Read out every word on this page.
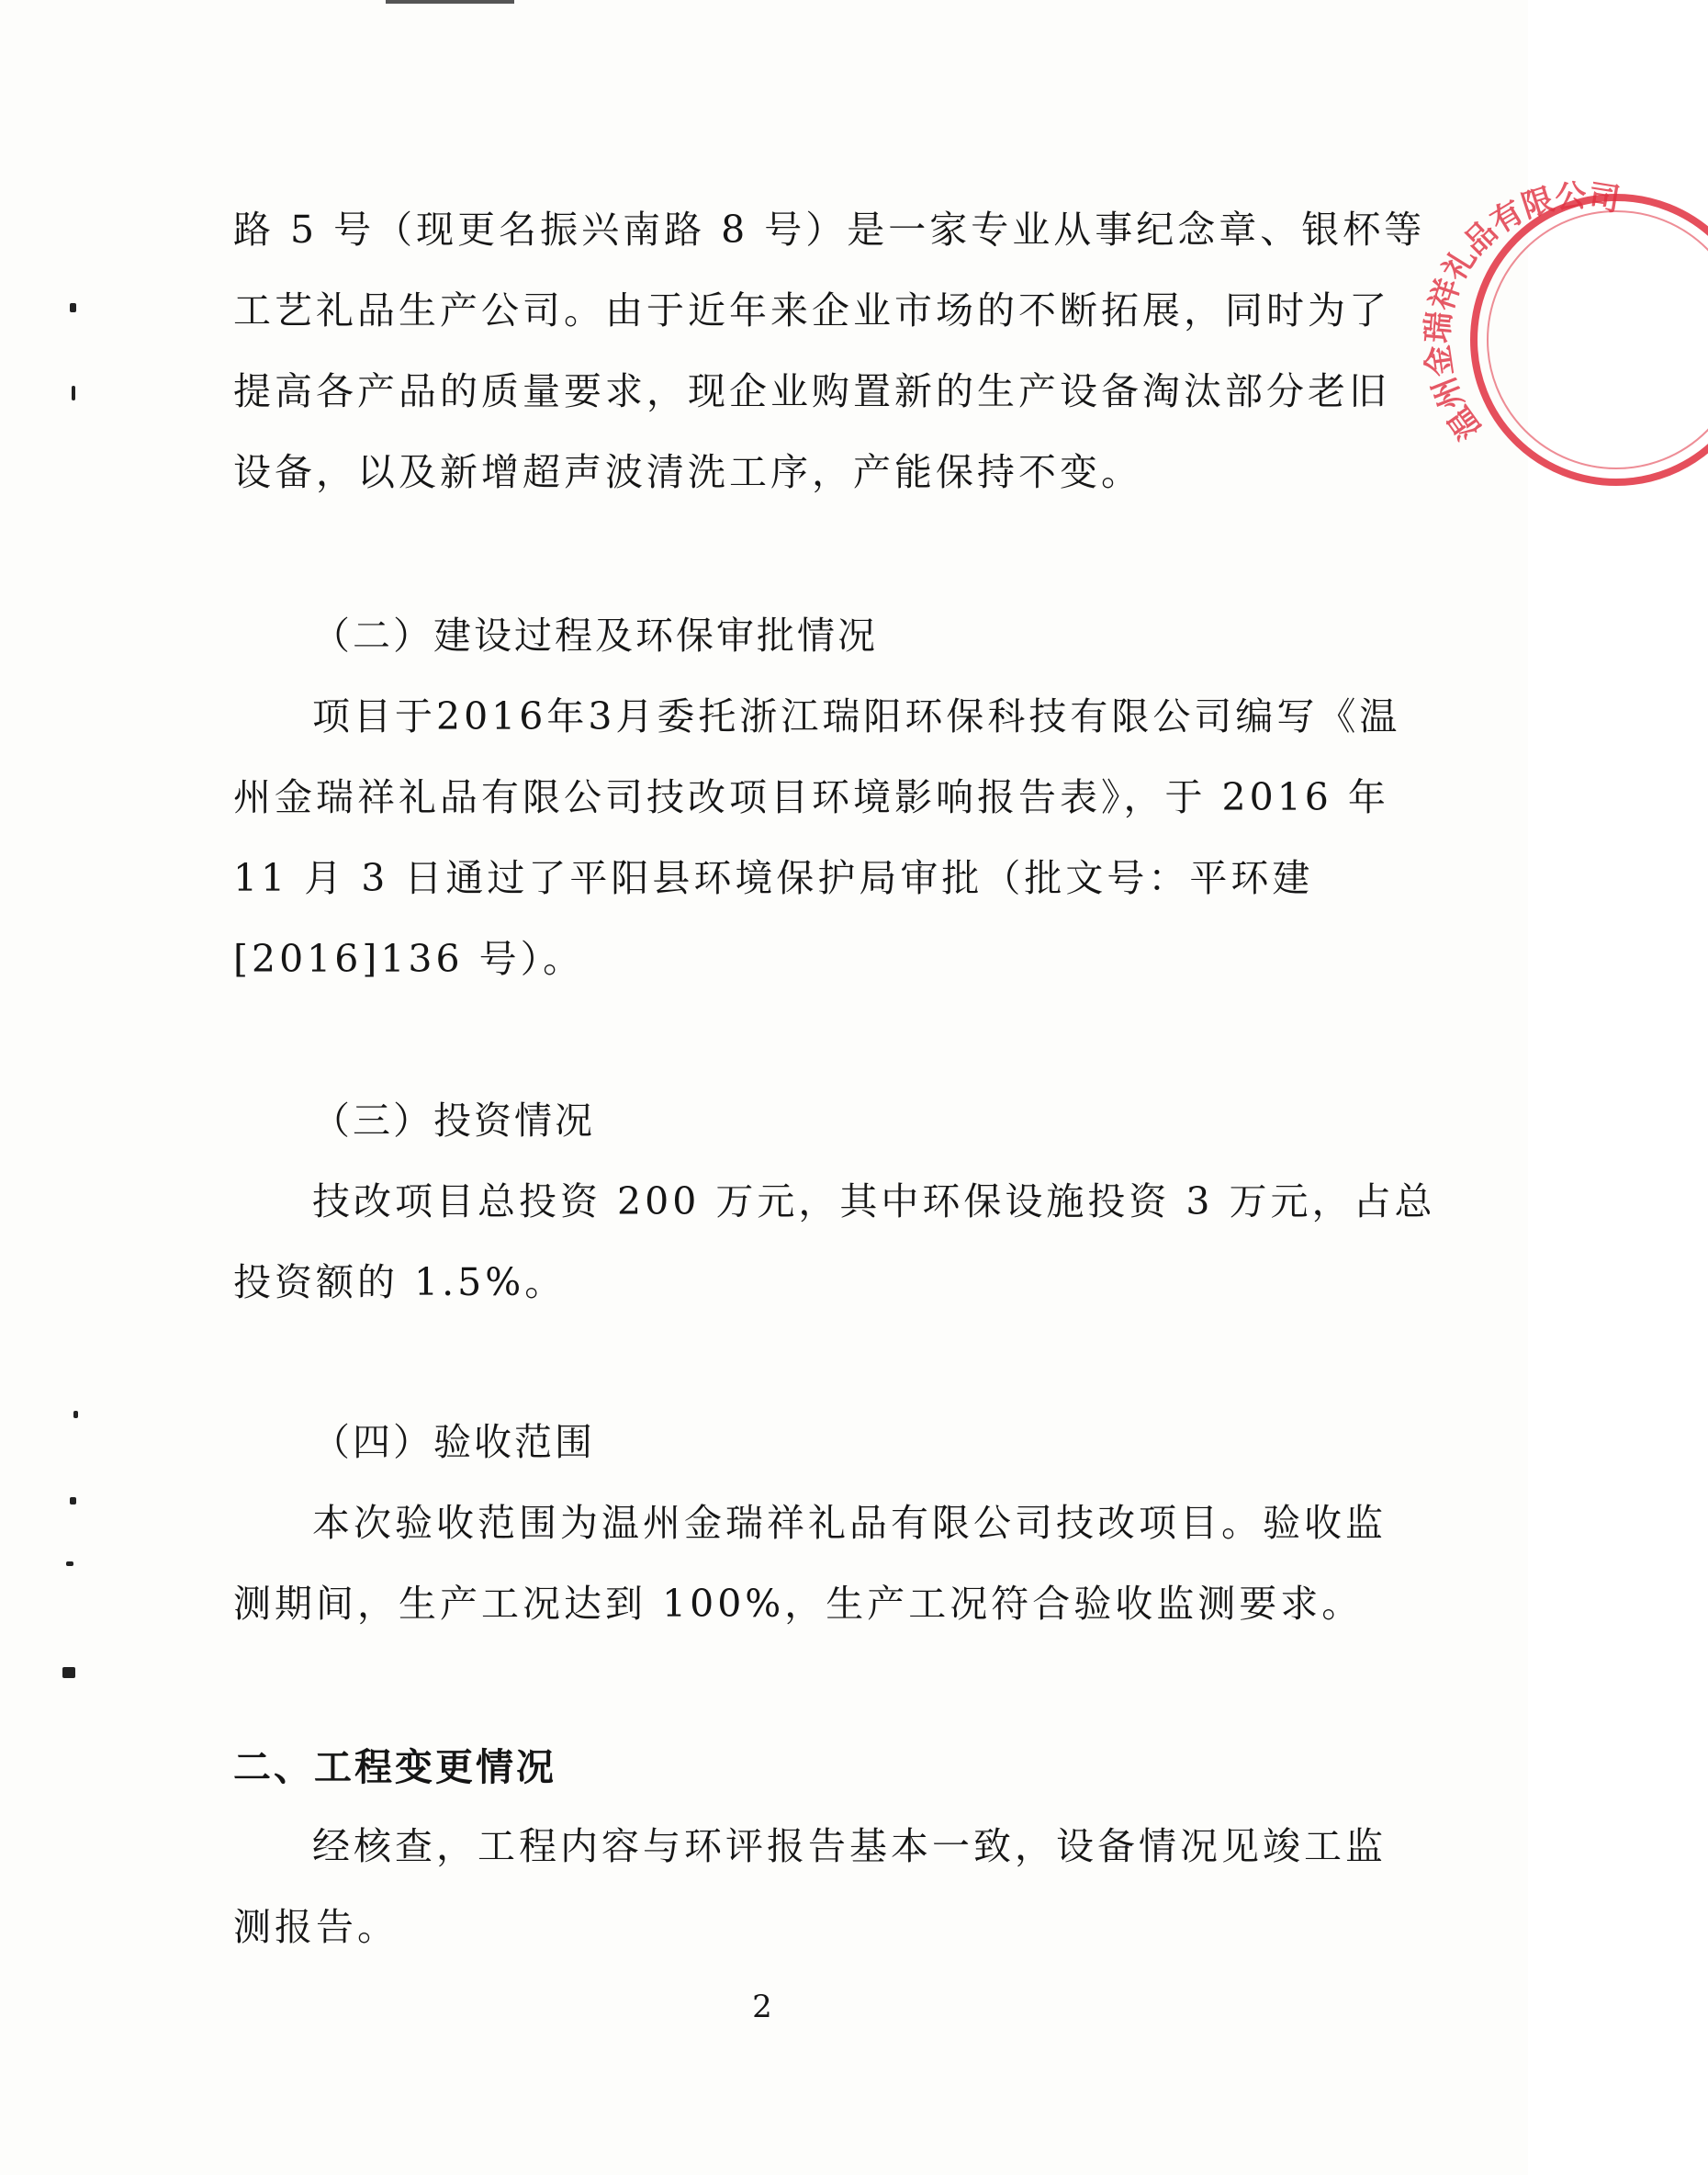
路 5 号（现更名振兴南路 8 号）是一家专业从事纪念章、银杯等
工艺礼品生产公司。由于近年来企业市场的不断拓展，同时为了
提高各产品的质量要求，现企业购置新的生产设备淘汰部分老旧
设备，以及新增超声波清洗工序，产能保持不变。
（二）建设过程及环保审批情况
项目于2016年3月委托浙江瑞阳环保科技有限公司编写《温
州金瑞祥礼品有限公司技改项目环境影响报告表》，于 2016 年
11 月 3 日通过了平阳县环境保护局审批（批文号：平环建
[2016]136 号）。
（三）投资情况
技改项目总投资 200 万元，其中环保设施投资 3 万元，占总
投资额的 1.5%。
（四）验收范围
本次验收范围为温州金瑞祥礼品有限公司技改项目。验收监
测期间，生产工况达到 100%，生产工况符合验收监测要求。
二、工程变更情况
经核查，工程内容与环评报告基本一致，设备情况见竣工监
测报告。
2
温州金瑞祥礼品有限公司
